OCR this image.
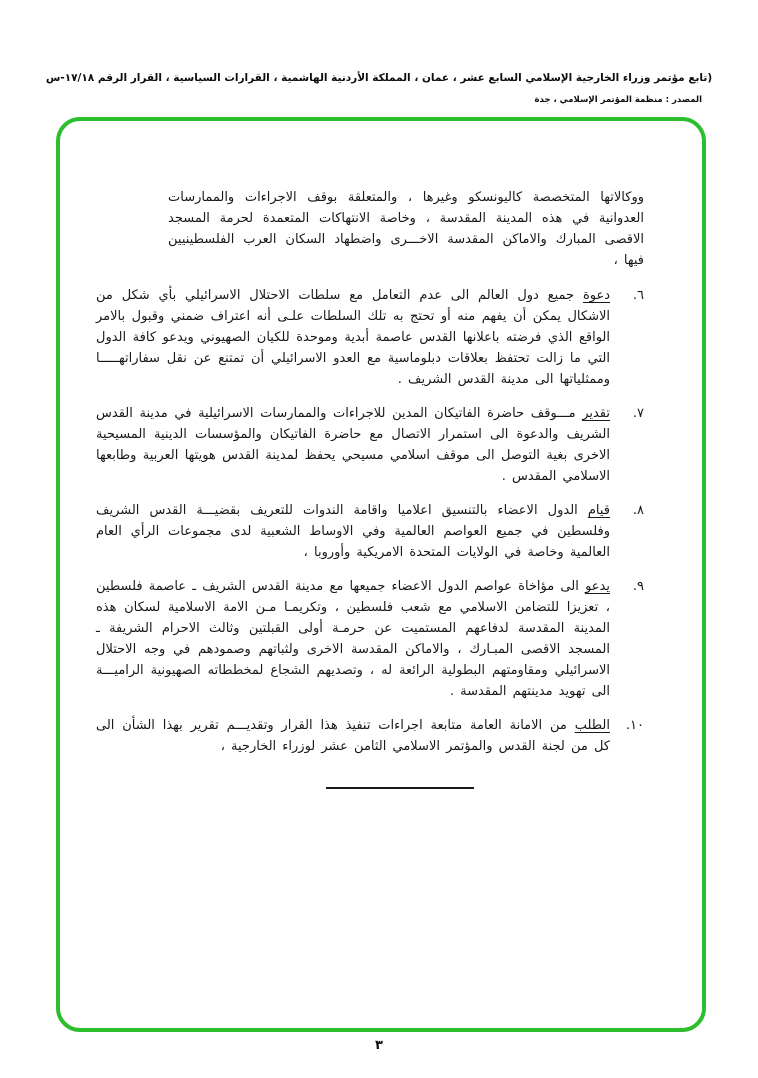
(تابع مؤتمر وزراء الخارجية الإسلامي السابع عشر ، عمان ، المملكة الأردنية الهاشمية ، القرارات السياسية ، القرار الرقم ١٧/١٨-س
المصدر : منظمة المؤتمر الإسلامي ، جدة

ووكالاتها المتخصصة كاليونسكو وغيرها ، والمتعلقة بوقف الاجراءات والممارسات العدوانية في هذه المدينة المقدسة ، وخاصة الانتهاكات المتعمدة لحرمة المسجد الاقصى المبارك والاماكن المقدسة الاخـــرى واضطهاد السكان العرب الفلسطينيين فيها ،

٦.

دعوة جميع دول العالم الى عدم التعامل مع سلطات الاحتلال الاسرائيلي بأي شكل من الاشكال يمكن أن يفهم منه أو تحتج به تلك السلطات علـى أنه اعتراف ضمني وقبول بالامر الواقع الذي فرضته باعلانها القدس عاصمة أبدية وموحدة للكيان الصهيوني ويدعو كافة الدول التي ما زالت تحتفظ بعلاقات دبلوماسية مع العدو الاسرائيلي أن تمتنع عن نقل سفاراتهـــــا وممثلياتها الى مدينة القدس الشريف .

٧.

تقدير مـــوقف حاضرة الفاتيكان المدين للاجراءات والممارسات الاسرائيلية في مدينة القدس الشريف والدعوة الى استمرار الاتصال مع حاضرة الفاتيكان والمؤسسات الدينية المسيحية الاخرى بغية التوصل الى موقف اسلامي مسيحي يحفظ لمدينة القدس هويتها العربية وطابعها الاسلامي المقدس .

٨.

قيام الدول الاعضاء بالتنسيق اعلاميا واقامة الندوات للتعريف بقضيـــة القدس الشريف وفلسطين في جميع العواصم العالمية وفي الاوساط الشعبية لدى مجموعات الرأي العام العالمية وخاصة في الولايات المتحدة الامريكية وأوروبا ،

٩.

يدعو الى مؤاخاة عواصم الدول الاعضاء جميعها مع مدينة القدس الشريف ـ عاصمة فلسطين ، تعزيزا للتضامن الاسلامي مع شعب فلسطين ، وتكريمـا مـن الامة الاسلامية لسكان هذه المدينة المقدسة لدفاعهم المستميت عن حرمـة أولى القبلتين وثالث الاحرام الشريفة ـ المسجد الاقصى المبـارك ، والاماكن المقدسة الاخرى ولثباتهم وصمودهم في وجه الاحتلال الاسرائيلي ومقاومتهم البطولية الرائعة له ، وتصديهم الشجاع لمخططاته الصهيونية الراميـــة الى تهويد مدينتهم المقدسة .

١٠.

الطلب من الامانة العامة متابعة اجراءات تنفيذ هذا القرار وتقديـــم تقرير بهذا الشأن الى كل من لجنة القدس والمؤتمر الاسلامي الثامن عشر لوزراء الخارجية ،

٣
